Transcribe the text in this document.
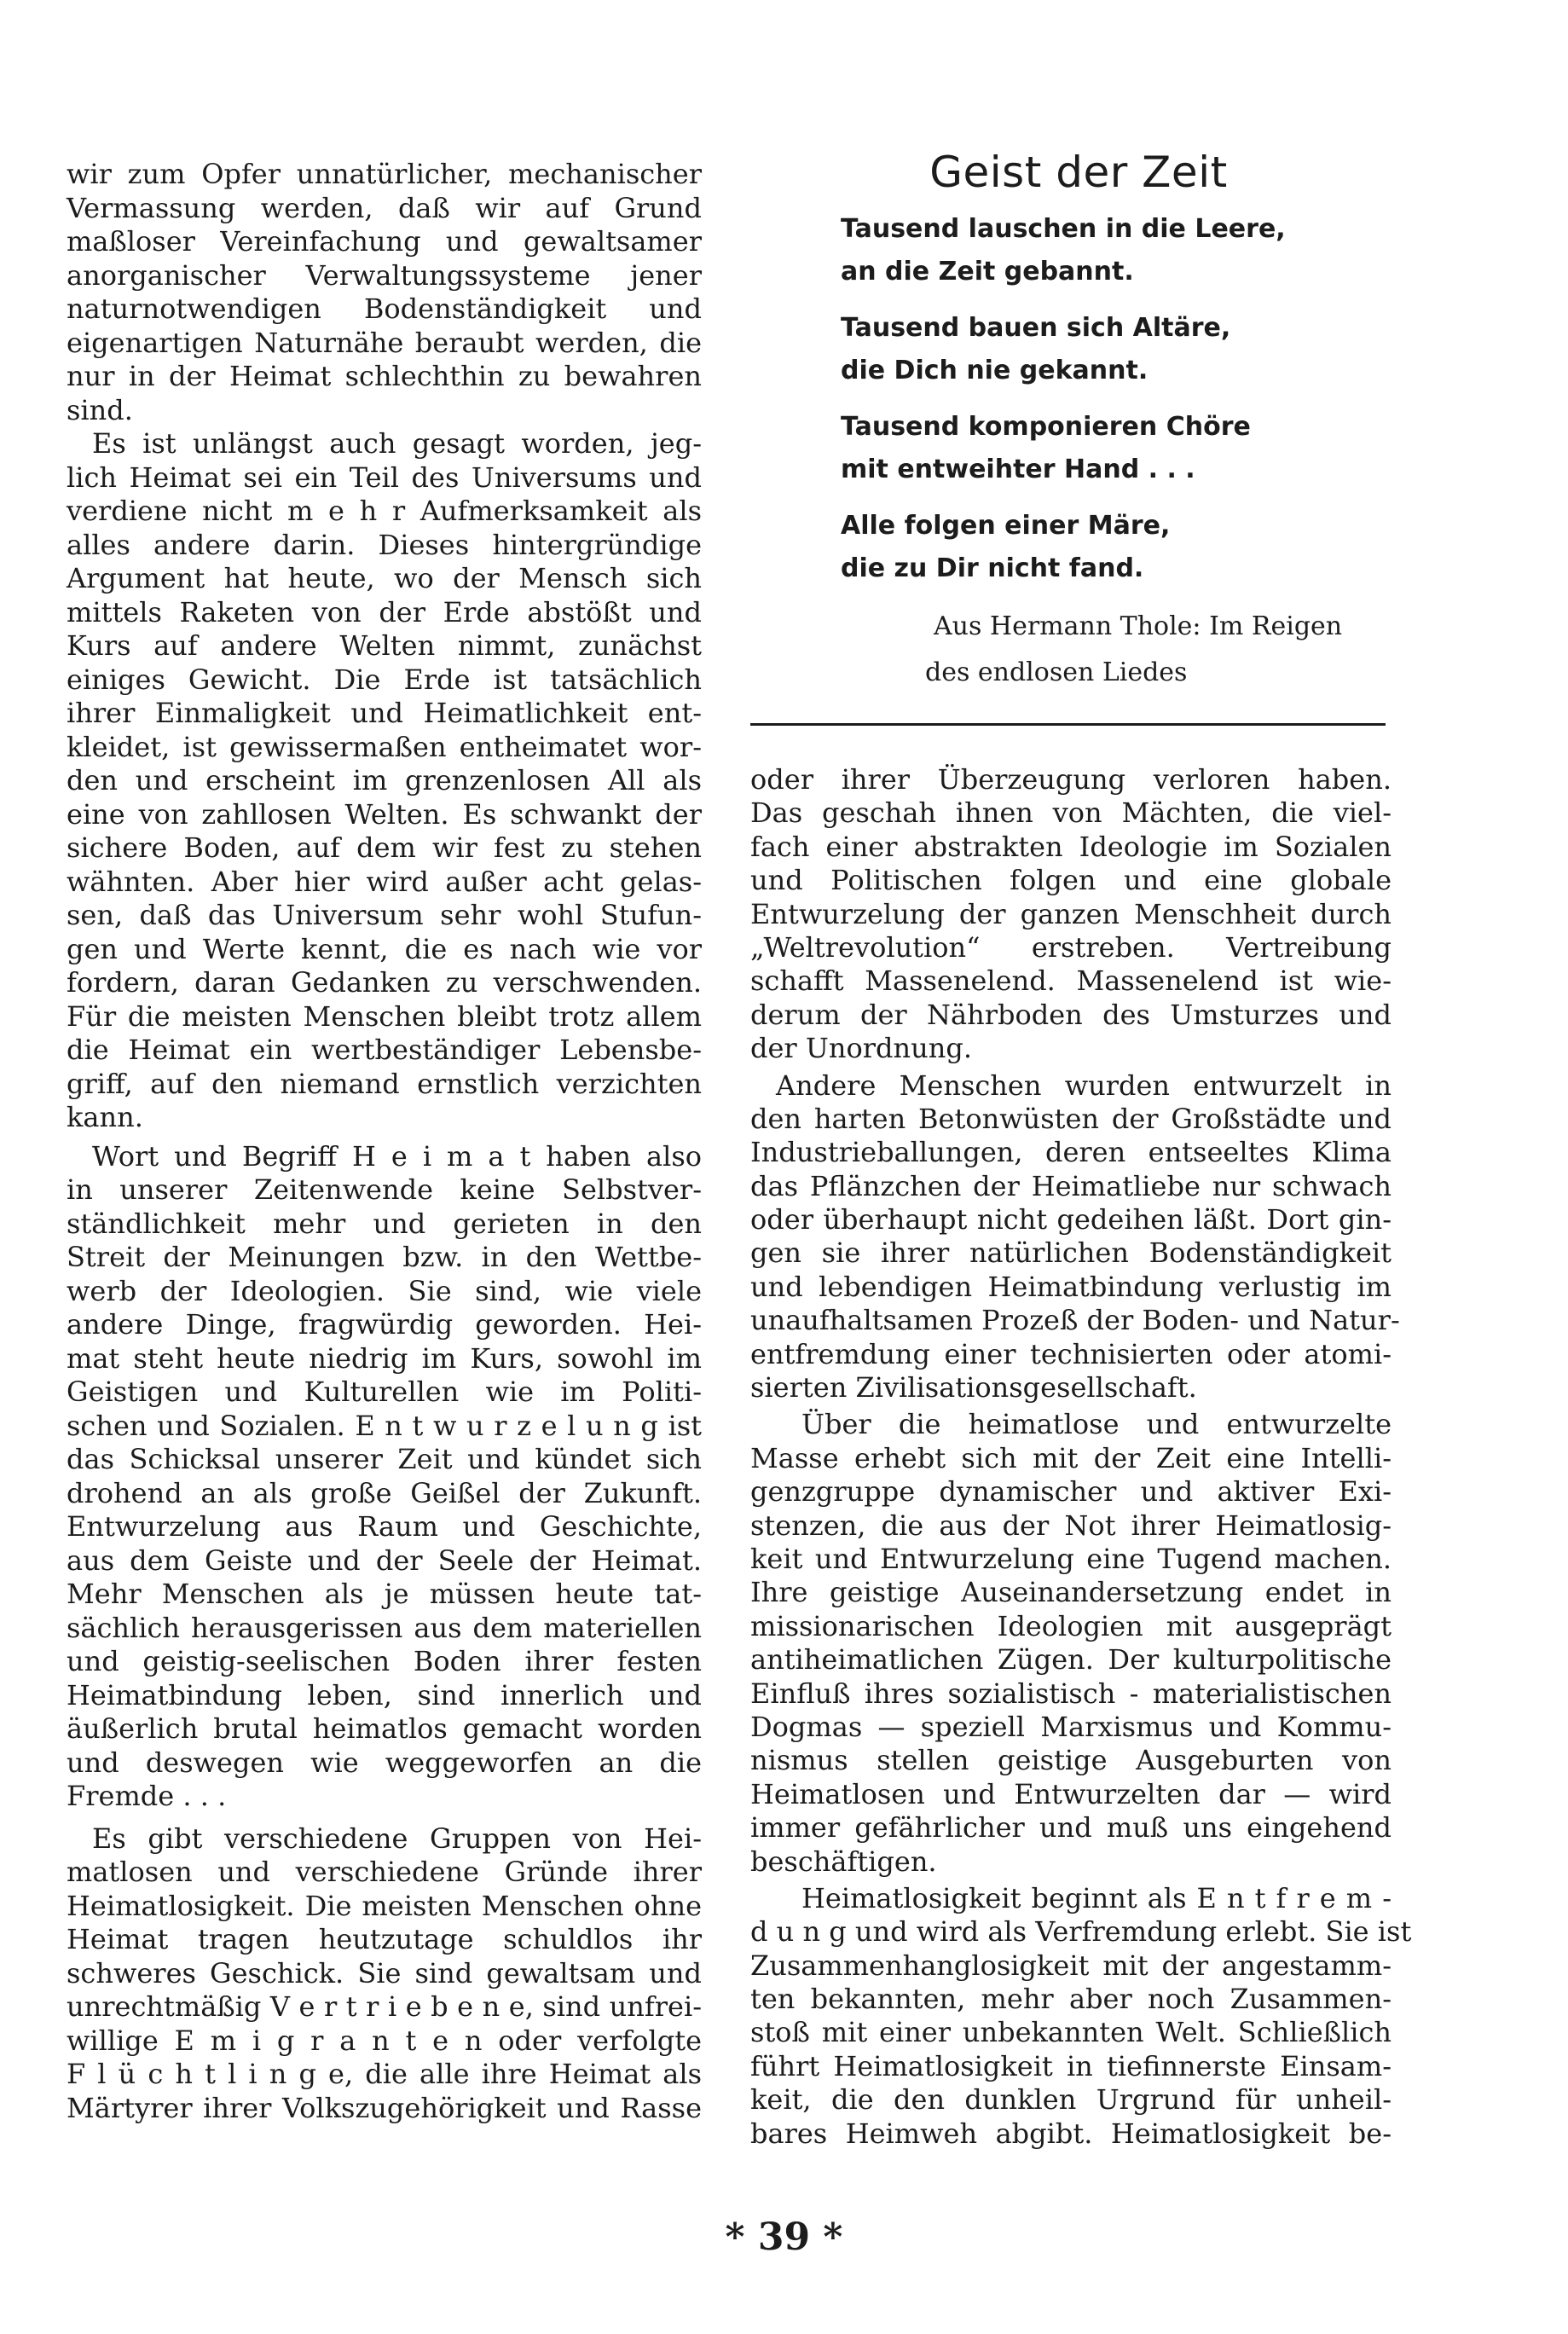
wir zum Opfer unnatürlicher, mechanischer
Vermassung werden, daß wir auf Grund
maßloser Vereinfachung und gewaltsamer
anorganischer Verwaltungssysteme jener
naturnotwendigen Bodenständigkeit und
eigenartigen Naturnähe beraubt werden, die
nur in der Heimat schlechthin zu bewahren
sind.
Es ist unlängst auch gesagt worden, jeg-
lich Heimat sei ein Teil des Universums und
verdiene nicht m e h r Aufmerksamkeit als
alles andere darin. Dieses hintergründige
Argument hat heute, wo der Mensch sich
mittels Raketen von der Erde abstößt und
Kurs auf andere Welten nimmt, zunächst
einiges Gewicht. Die Erde ist tatsächlich
ihrer Einmaligkeit und Heimatlichkeit ent-
kleidet, ist gewissermaßen entheimatet wor-
den und erscheint im grenzenlosen All als
eine von zahllosen Welten. Es schwankt der
sichere Boden, auf dem wir fest zu stehen
wähnten. Aber hier wird außer acht gelas-
sen, daß das Universum sehr wohl Stufun-
gen und Werte kennt, die es nach wie vor
fordern, daran Gedanken zu verschwenden.
Für die meisten Menschen bleibt trotz allem
die Heimat ein wertbeständiger Lebensbe-
griff, auf den niemand ernstlich verzichten
kann.
Wort und Begriff H e i m a t haben also
in unserer Zeitenwende keine Selbstver-
ständlichkeit mehr und gerieten in den
Streit der Meinungen bzw. in den Wettbe-
werb der Ideologien. Sie sind, wie viele
andere Dinge, fragwürdig geworden. Hei-
mat steht heute niedrig im Kurs, sowohl im
Geistigen und Kulturellen wie im Politi-
schen und Sozialen. E n t w u r z e l u n g ist
das Schicksal unserer Zeit und kündet sich
drohend an als große Geißel der Zukunft.
Entwurzelung aus Raum und Geschichte,
aus dem Geiste und der Seele der Heimat.
Mehr Menschen als je müssen heute tat-
sächlich herausgerissen aus dem materiellen
und geistig-seelischen Boden ihrer festen
Heimatbindung leben, sind innerlich und
äußerlich brutal heimatlos gemacht worden
und deswegen wie weggeworfen an die
Fremde . . .
Es gibt verschiedene Gruppen von Hei-
matlosen und verschiedene Gründe ihrer
Heimatlosigkeit. Die meisten Menschen ohne
Heimat tragen heutzutage schuldlos ihr
schweres Geschick. Sie sind gewaltsam und
unrechtmäßig V e r t r i e b e n e, sind unfrei-
willige E m i g r a n t e n oder verfolgte
F l ü c h t l i n g e, die alle ihre Heimat als
Märtyrer ihrer Volkszugehörigkeit und Rasse
Geist der Zeit
Tausend lauschen in die Leere,
an die Zeit gebannt.
Tausend bauen sich Altäre,
die Dich nie gekannt.
Tausend komponieren Chöre
mit entweihter Hand . . .
Alle folgen einer Märe,
die zu Dir nicht fand.
Aus Hermann Thole: Im Reigen
des endlosen Liedes
oder ihrer Überzeugung verloren haben.
Das geschah ihnen von Mächten, die viel-
fach einer abstrakten Ideologie im Sozialen
und Politischen folgen und eine globale
Entwurzelung der ganzen Menschheit durch
„Weltrevolution“ erstreben. Vertreibung
schafft Massenelend. Massenelend ist wie-
derum der Nährboden des Umsturzes und
der Unordnung.
Andere Menschen wurden entwurzelt in
den harten Betonwüsten der Großstädte und
Industrieballungen, deren entseeltes Klima
das Pflänzchen der Heimatliebe nur schwach
oder überhaupt nicht gedeihen läßt. Dort gin-
gen sie ihrer natürlichen Bodenständigkeit
und lebendigen Heimatbindung verlustig im
unaufhaltsamen Prozeß der Boden- und Natur-
entfremdung einer technisierten oder atomi-
sierten Zivilisationsgesellschaft.
Über die heimatlose und entwurzelte
Masse erhebt sich mit der Zeit eine Intelli-
genzgruppe dynamischer und aktiver Exi-
stenzen, die aus der Not ihrer Heimatlosig-
keit und Entwurzelung eine Tugend machen.
Ihre geistige Auseinandersetzung endet in
missionarischen Ideologien mit ausgeprägt
antiheimatlichen Zügen. Der kulturpolitische
Einfluß ihres sozialistisch - materialistischen
Dogmas — speziell Marxismus und Kommu-
nismus stellen geistige Ausgeburten von
Heimatlosen und Entwurzelten dar — wird
immer gefährlicher und muß uns eingehend
beschäftigen.
Heimatlosigkeit beginnt als E n t f r e m -
d u n g und wird als Verfremdung erlebt. Sie ist
Zusammenhanglosigkeit mit der angestamm-
ten bekannten, mehr aber noch Zusammen-
stoß mit einer unbekannten Welt. Schließlich
führt Heimatlosigkeit in tiefinnerste Einsam-
keit, die den dunklen Urgrund für unheil-
bares Heimweh abgibt. Heimatlosigkeit be-
* 39 *
